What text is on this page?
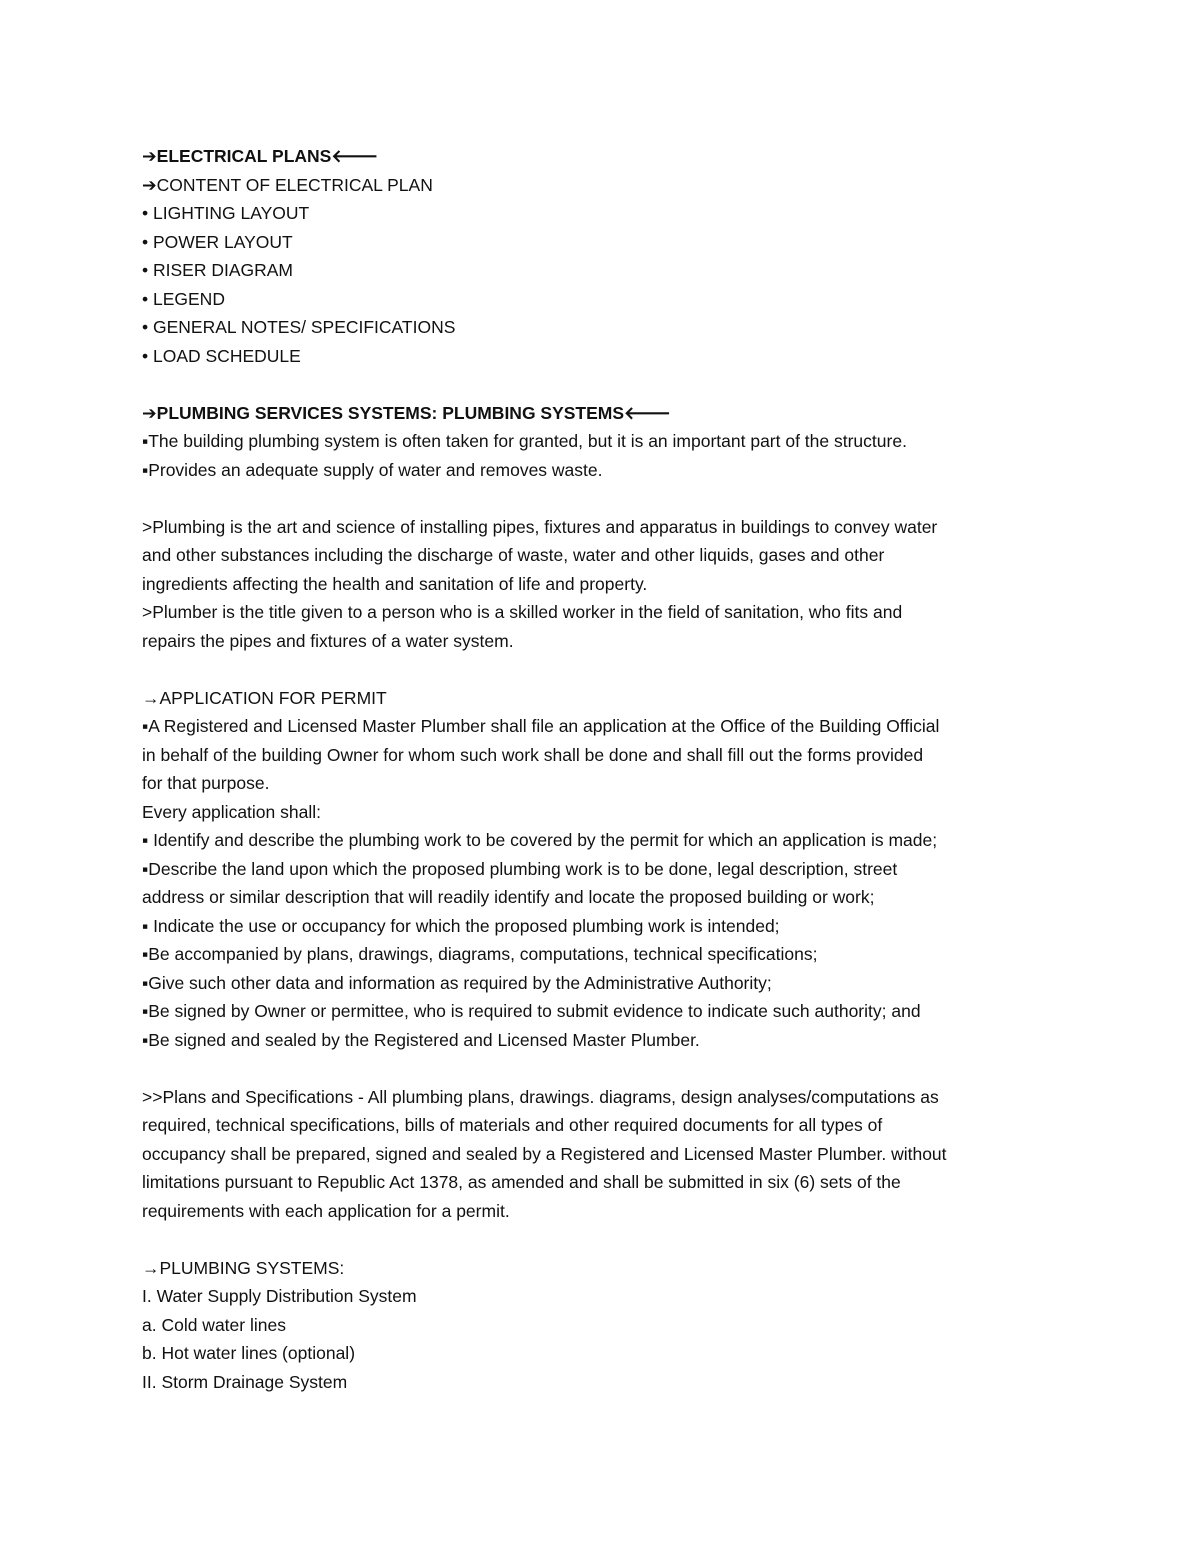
➔ELECTRICAL PLANS🡐
➔CONTENT OF ELECTRICAL PLAN
• LIGHTING LAYOUT
• POWER LAYOUT
• RISER DIAGRAM
• LEGEND
• GENERAL NOTES/ SPECIFICATIONS
• LOAD SCHEDULE
➔PLUMBING SERVICES SYSTEMS: PLUMBING SYSTEMS🡐
▪The building plumbing system is often taken for granted, but it is an important part of the structure.
▪Provides an adequate supply of water and removes waste.
>Plumbing is the art and science of installing pipes, fixtures and apparatus in buildings to convey water
and other substances including the discharge of waste, water and other liquids, gases and other
ingredients affecting the health and sanitation of life and property.
>Plumber is the title given to a person who is a skilled worker in the field of sanitation, who fits and
repairs the pipes and fixtures of a water system.
→APPLICATION FOR PERMIT
▪A Registered and Licensed Master Plumber shall file an application at the Office of the Building Official
in behalf of the building Owner for whom such work shall be done and shall fill out the forms provided
for that purpose.
Every application shall:
▪ Identify and describe the plumbing work to be covered by the permit for which an application is made;
▪Describe the land upon which the proposed plumbing work is to be done, legal description, street
address or similar description that will readily identify and locate the proposed building or work;
▪ Indicate the use or occupancy for which the proposed plumbing work is intended;
▪Be accompanied by plans, drawings, diagrams, computations, technical specifications;
▪Give such other data and information as required by the Administrative Authority;
▪Be signed by Owner or permittee, who is required to submit evidence to indicate such authority; and
▪Be signed and sealed by the Registered and Licensed Master Plumber.
>>Plans and Specifications - All plumbing plans, drawings. diagrams, design analyses/computations as
required, technical specifications, bills of materials and other required documents for all types of
occupancy shall be prepared, signed and sealed by a Registered and Licensed Master Plumber. without
limitations pursuant to Republic Act 1378, as amended and shall be submitted in six (6) sets of the
requirements with each application for a permit.
→PLUMBING SYSTEMS:
I. Water Supply Distribution System
a. Cold water lines
b. Hot water lines (optional)
II. Storm Drainage System
